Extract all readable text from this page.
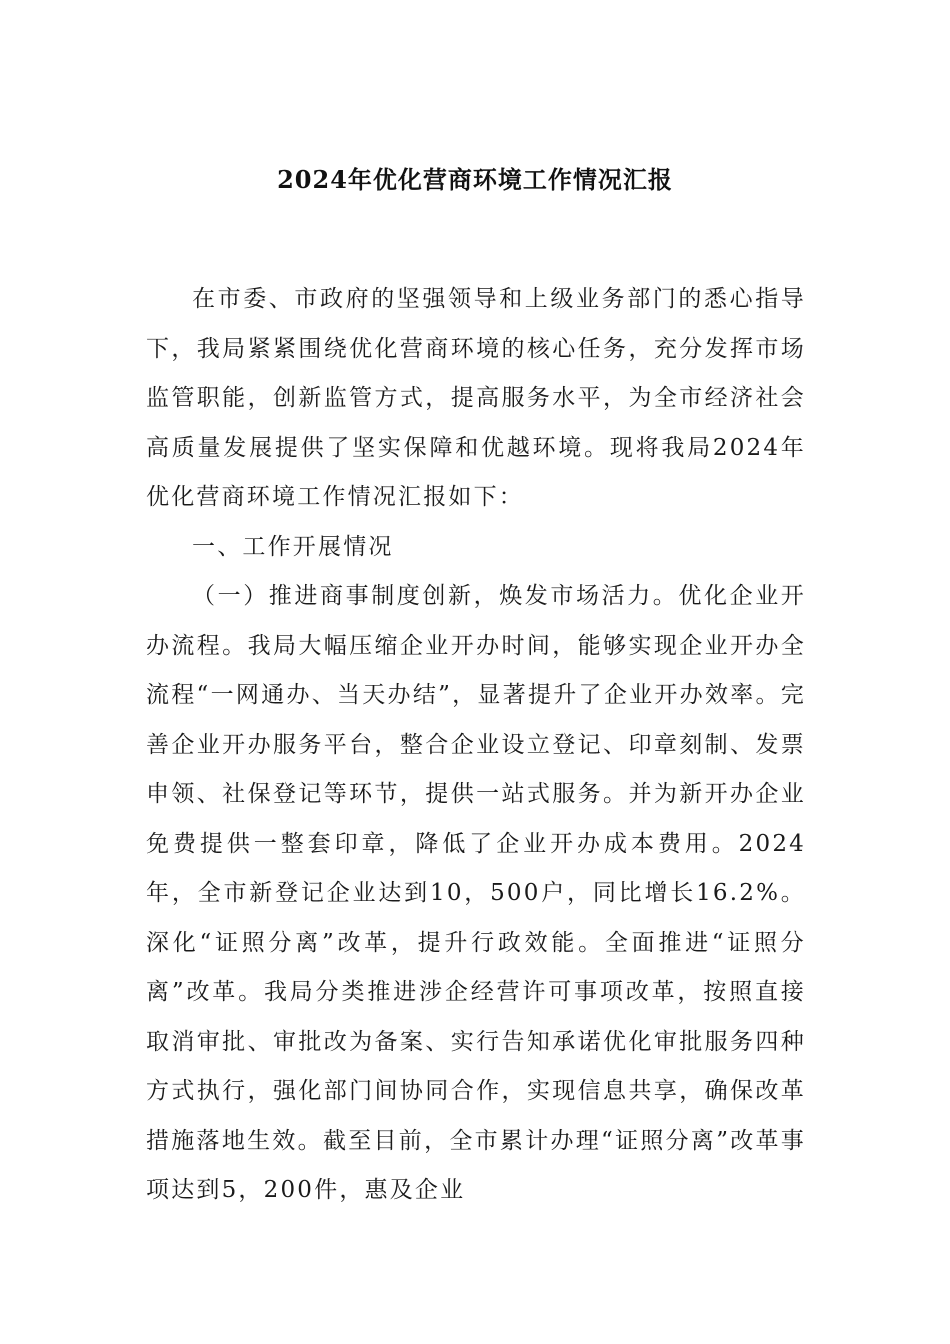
2024年优化营商环境工作情况汇报

在市委、市政府的坚强领导和上级业务部门的悉心指导下，我局紧紧围绕优化营商环境的核心任务，充分发挥市场监管职能，创新监管方式，提高服务水平，为全市经济社会高质量发展提供了坚实保障和优越环境。现将我局2024年优化营商环境工作情况汇报如下：

一、工作开展情况

（一）推进商事制度创新，焕发市场活力。优化企业开办流程。我局大幅压缩企业开办时间，能够实现企业开办全流程“一网通办、当天办结”，显著提升了企业开办效率。完善企业开办服务平台，整合企业设立登记、印章刻制、发票申领、社保登记等环节，提供一站式服务。并为新开办企业免费提供一整套印章，降低了企业开办成本费用。2024年，全市新登记企业达到10，500户，同比增长16.2%。深化“证照分离”改革，提升行政效能。全面推进“证照分离”改革。我局分类推进涉企经营许可事项改革，按照直接取消审批、审批改为备案、实行告知承诺优化审批服务四种方式执行，强化部门间协同合作，实现信息共享，确保改革措施落地生效。截至目前，全市累计办理“证照分离”改革事项达到5，200件，惠及企业
